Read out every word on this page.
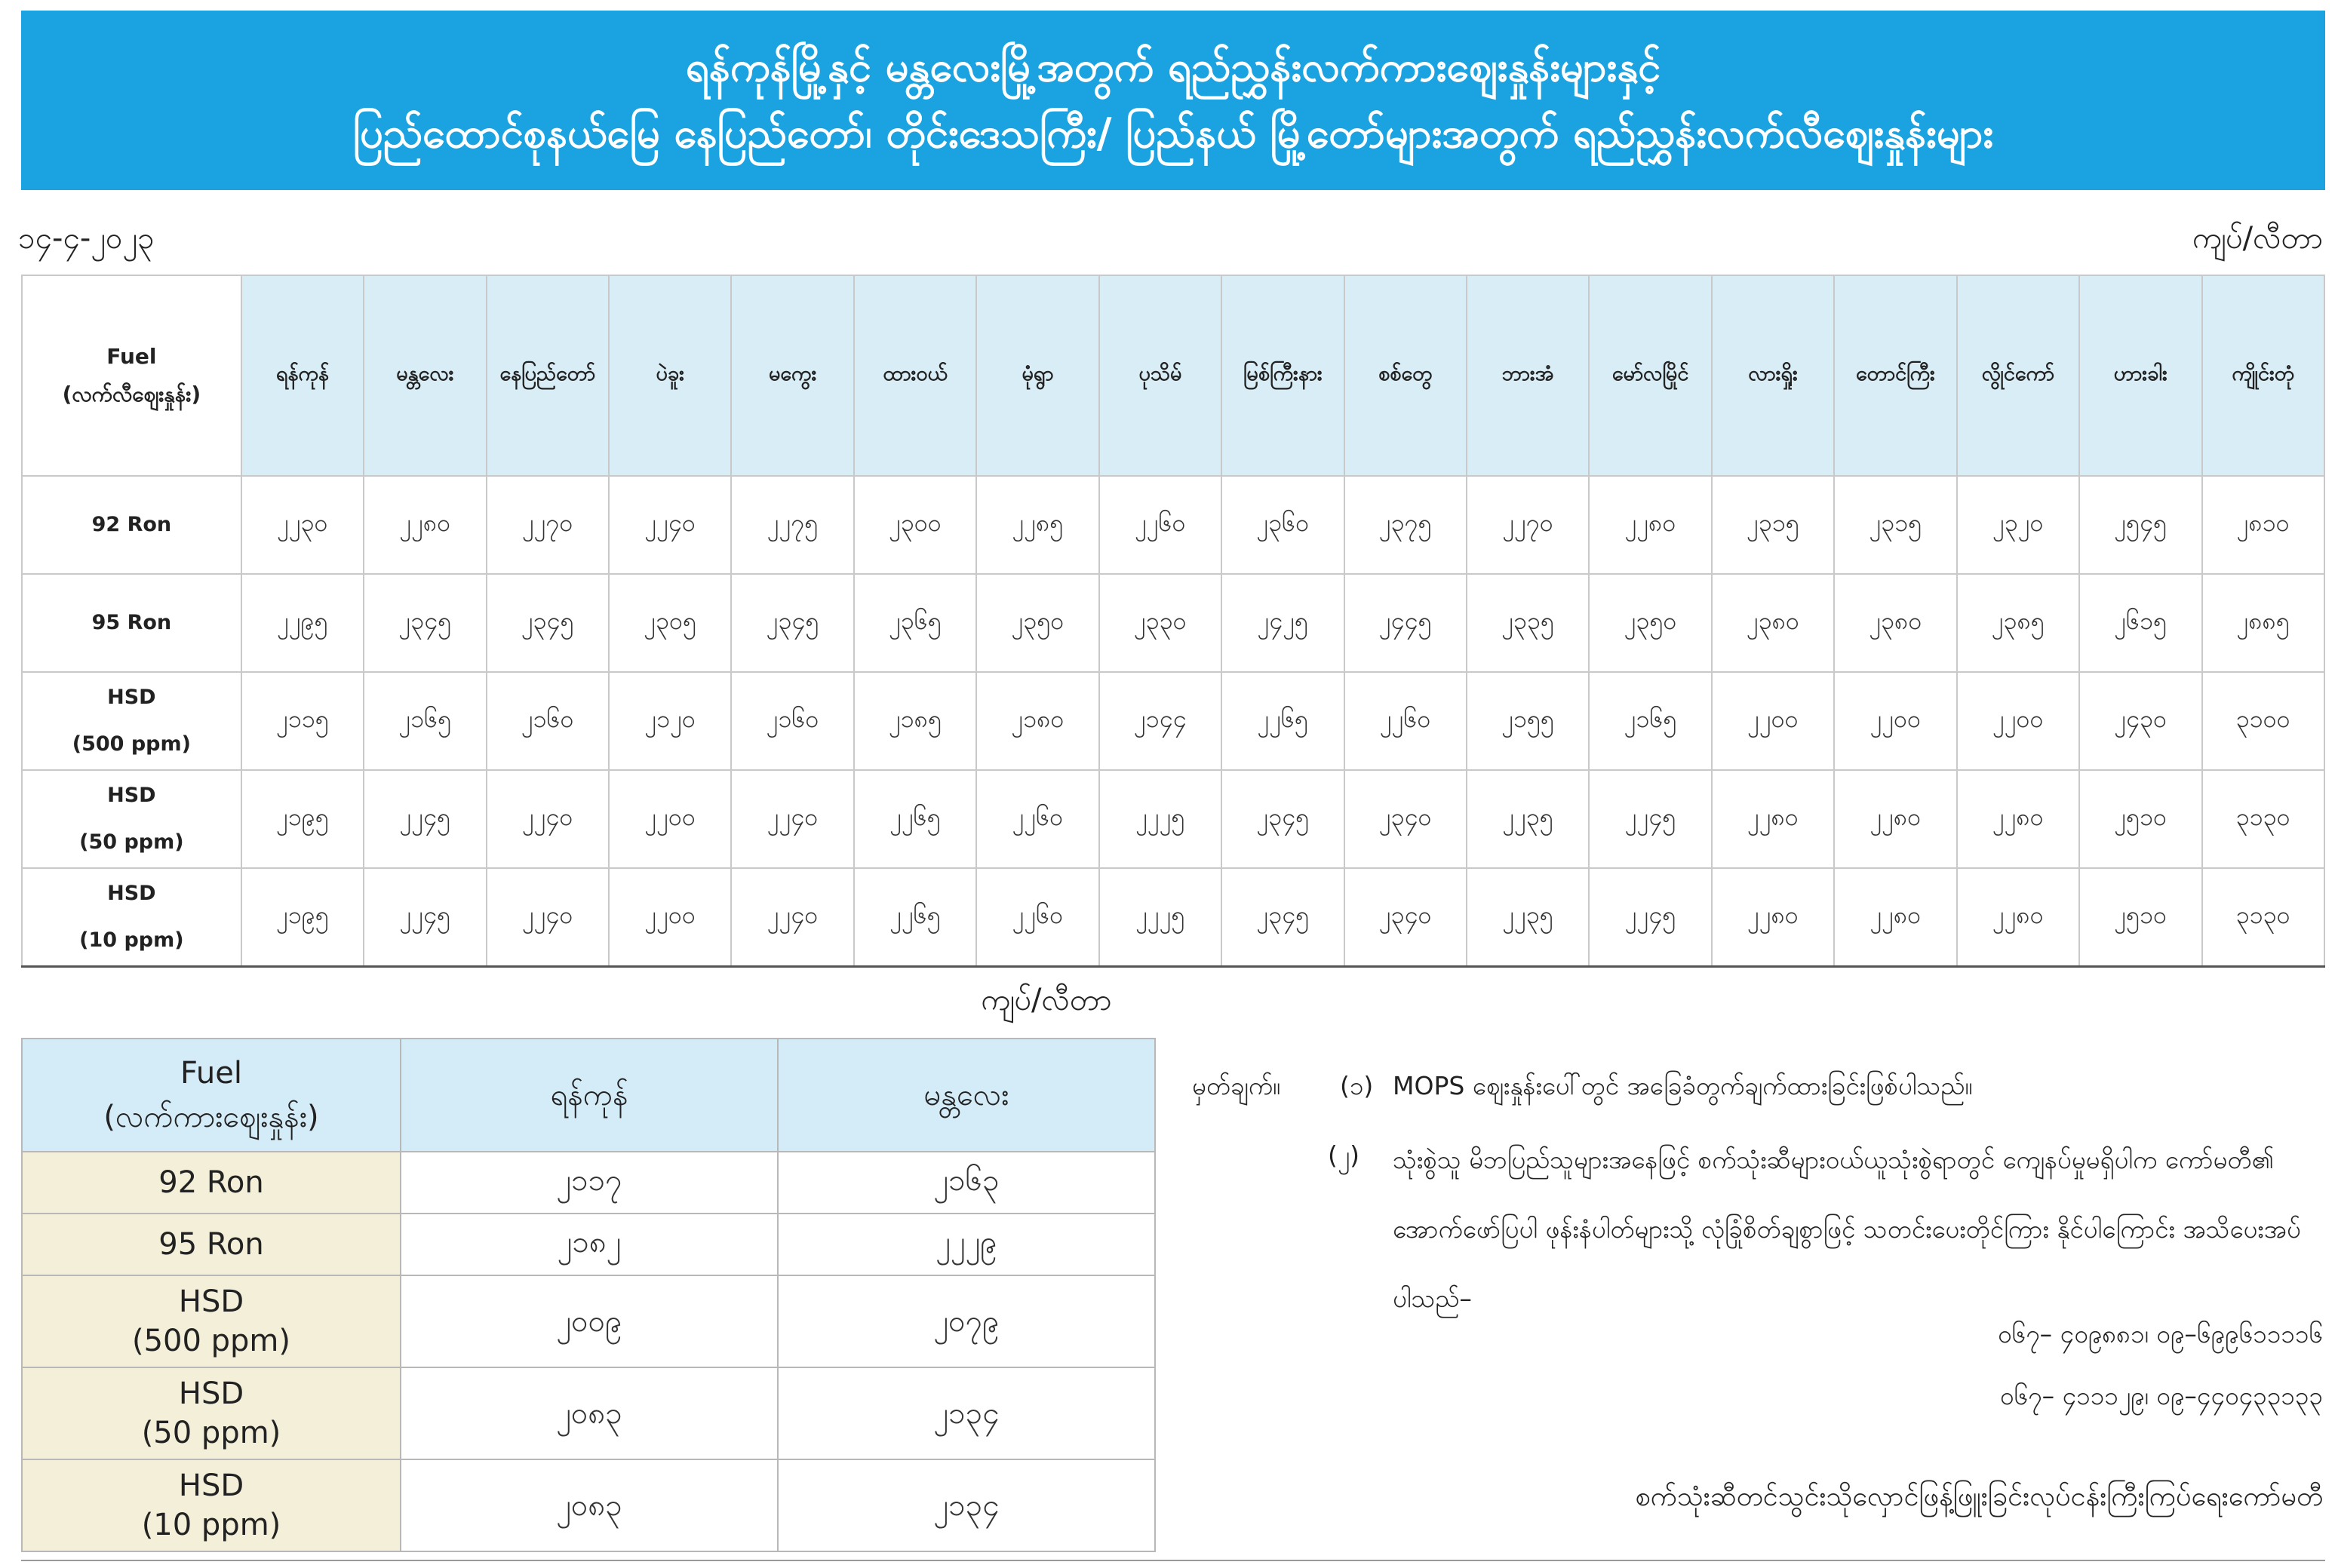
ရန်ကုန်မြို့နှင့် မန္တလေးမြို့အတွက် ရည်ညွှန်းလက်ကားဈေးနှုန်းများနှင့်
ပြည်ထောင်စုနယ်မြေ နေပြည်တော်၊ တိုင်းဒေသကြီး/ ပြည်နယ် မြို့တော်များအတွက် ရည်ညွှန်းလက်လီဈေးနှုန်းများ
၁၄-၄-၂၀၂၃	ကျပ်/လီတာ
Fuel
(လက်လီဈေးနှုန်း)	ရန်ကုန်	မန္တလေး	နေပြည်တော်	ပဲခူး	မကွေး	ထားဝယ်	မုံရွာ	ပုသိမ်	မြစ်ကြီးနား	စစ်တွေ	ဘားအံ	မော်လမြိုင်	လားရှိုး	တောင်ကြီး	လွိုင်ကော်	ဟားခါး	ကျိုင်းတုံ

92 Ron	၂၂၃၀	၂၂၈၀	၂၂၇၀	၂၂၄၀	၂၂၇၅	၂၃၀၀	၂၂၈၅	၂၂၆၀	၂၃၆၀	၂၃၇၅	၂၂၇၀	၂၂၈၀	၂၃၁၅	၂၃၁၅	၂၃၂၀	၂၅၄၅	၂၈၁၀

95 Ron	၂၂၉၅	၂၃၄၅	၂၃၄၅	၂၃၀၅	၂၃၄၅	၂၃၆၅	၂၃၅၀	၂၃၃၀	၂၄၂၅	၂၄၄၅	၂၃၃၅	၂၃၅၀	၂၃၈၀	၂၃၈၀	၂၃၈၅	၂၆၁၅	၂၈၈၅

HSD
(500 ppm)	၂၁၁၅	၂၁၆၅	၂၁၆၀	၂၁၂၀	၂၁၆၀	၂၁၈၅	၂၁၈၀	၂၁၄၄	၂၂၆၅	၂၂၆၀	၂၁၅၅	၂၁၆၅	၂၂၀၀	၂၂၀၀	၂၂၀၀	၂၄၃၀	၃၁၀၀

HSD
(50 ppm)	၂၁၉၅	၂၂၄၅	၂၂၄၀	၂၂၀၀	၂၂၄၀	၂၂၆၅	၂၂၆၀	၂၂၂၅	၂၃၄၅	၂၃၄၀	၂၂၃၅	၂၂၄၅	၂၂၈၀	၂၂၈၀	၂၂၈၀	၂၅၁၀	၃၁၃၀

HSD
(10 ppm)	၂၁၉၅	၂၂၄၅	၂၂၄၀	၂၂၀၀	၂၂၄၀	၂၂၆၅	၂၂၆၀	၂၂၂၅	၂၃၄၅	၂၃၄၀	၂၂၃၅	၂၂၄၅	၂၂၈၀	၂၂၈၀	၂၂၈၀	၂၅၁၀	၃၁၃၀
ကျပ်/လီတာ
Fuel
(လက်ကားဈေးနှုန်း)	ရန်ကုန်	မန္တလေး

92 Ron	၂၁၁၇	၂၁၆၃

95 Ron	၂၁၈၂	၂၂၂၉

HSD
(500 ppm)	၂၀၀၉	၂၀၇၉

HSD
(50 ppm)	၂၀၈၃	၂၁၃၄

HSD
(10 ppm)	၂၀၈၃	၂၁၃၄
မှတ်ချက်။ (၁) MOPS ဈေးနှုန်းပေါ်တွင် အခြေခံတွက်ချက်ထားခြင်းဖြစ်ပါသည်။
(၂) သုံးစွဲသူ မိဘပြည်သူများအနေဖြင့် စက်သုံးဆီများဝယ်ယူသုံးစွဲရာတွင် ကျေနပ်မှုမရှိပါက ကော်မတီ၏ အောက်ဖော်ပြပါ ဖုန်းနံပါတ်များသို့ လုံခြုံစိတ်ချစွာဖြင့် သတင်းပေးတိုင်ကြား နိုင်ပါကြောင်း အသိပေးအပ်ပါသည်–
၀၆၇– ၄၀၉၈၈၁၊ ၀၉–၆၉၉၆၁၁၁၁၆
၀၆၇– ၄၁၁၁၂၉၊ ၀၉–၄၄၀၄၃၃၁၃၃
စက်သုံးဆီတင်သွင်းသိုလှောင်ဖြန့်ဖြူးခြင်းလုပ်ငန်းကြီးကြပ်ရေးကော်မတီ
